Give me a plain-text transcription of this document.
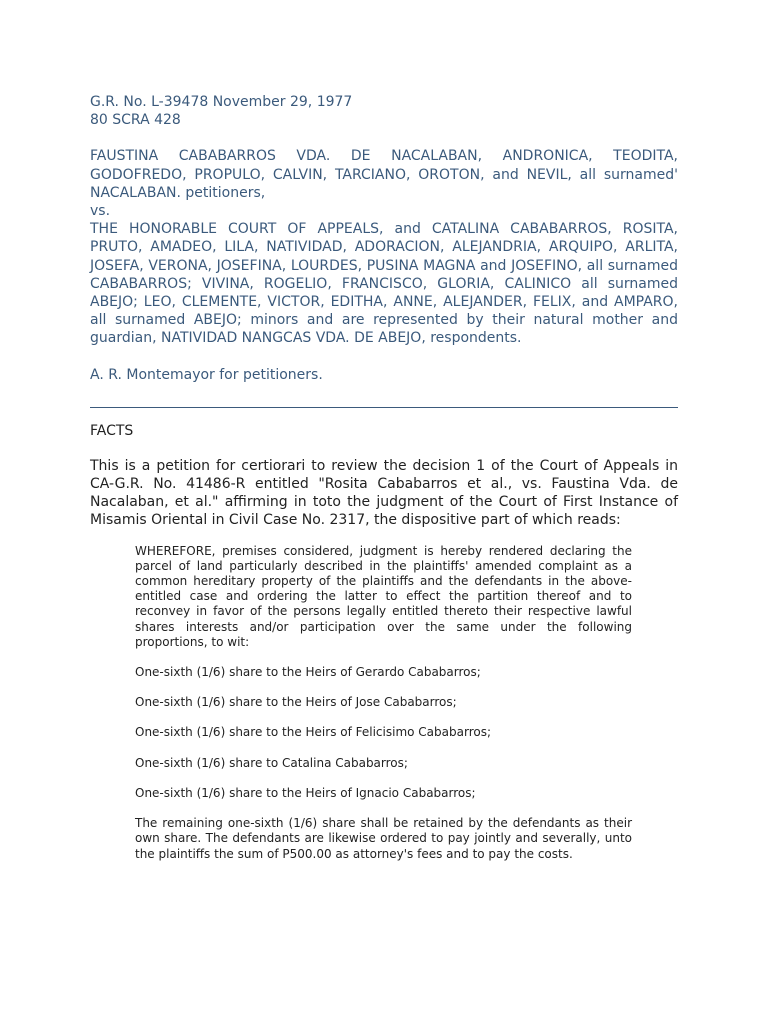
G.R. No. L-39478 November 29, 1977

80 SCRA 428

FAUSTINA CABABARROS VDA. DE NACALABAN, ANDRONICA, TEODITA, GODOFREDO, PROPULO, CALVIN, TARCIANO, OROTON, and NEVIL, all surnamed' NACALABAN. petitioners,

vs.

THE HONORABLE COURT OF APPEALS, and CATALINA CABABARROS, ROSITA, PRUTO, AMADEO, LILA, NATIVIDAD, ADORACION, ALEJANDRIA, ARQUIPO, ARLITA, JOSEFA, VERONA, JOSEFINA, LOURDES, PUSINA MAGNA and JOSEFINO, all surnamed CABABARROS; VIVINA, ROGELIO, FRANCISCO, GLORIA, CALINICO all surnamed ABEJO; LEO, CLEMENTE, VICTOR, EDITHA, ANNE, ALEJANDER, FELIX, and AMPARO, all surnamed ABEJO; minors and are represented by their natural mother and guardian, NATIVIDAD NANGCAS VDA. DE ABEJO, respondents.

A. R. Montemayor for petitioners.

FACTS

This is a petition for certiorari to review the decision 1 of the Court of Appeals in CA-G.R. No. 41486-R entitled "Rosita Cababarros et al., vs. Faustina Vda. de Nacalaban, et al." affirming in toto the judgment of the Court of First Instance of Misamis Oriental in Civil Case No. 2317, the dispositive part of which reads:

WHEREFORE, premises considered, judgment is hereby rendered declaring the parcel of land particularly described in the plaintiffs' amended complaint as a common hereditary property of the plaintiffs and the defendants in the above-entitled case and ordering the latter to effect the partition thereof and to reconvey in favor of the persons legally entitled thereto their respective lawful shares interests and/or participation over the same under the following proportions, to wit:

One-sixth (1/6) share to the Heirs of Gerardo Cababarros;

One-sixth (1/6) share to the Heirs of Jose Cababarros;

One-sixth (1/6) share to the Heirs of Felicisimo Cababarros;

One-sixth (1/6) share to Catalina Cababarros;

One-sixth (1/6) share to the Heirs of Ignacio Cababarros;

The remaining one-sixth (1/6) share shall be retained by the defendants as their own share. The defendants are likewise ordered to pay jointly and severally, unto the plaintiffs the sum of P500.00 as attorney's fees and to pay the costs.
